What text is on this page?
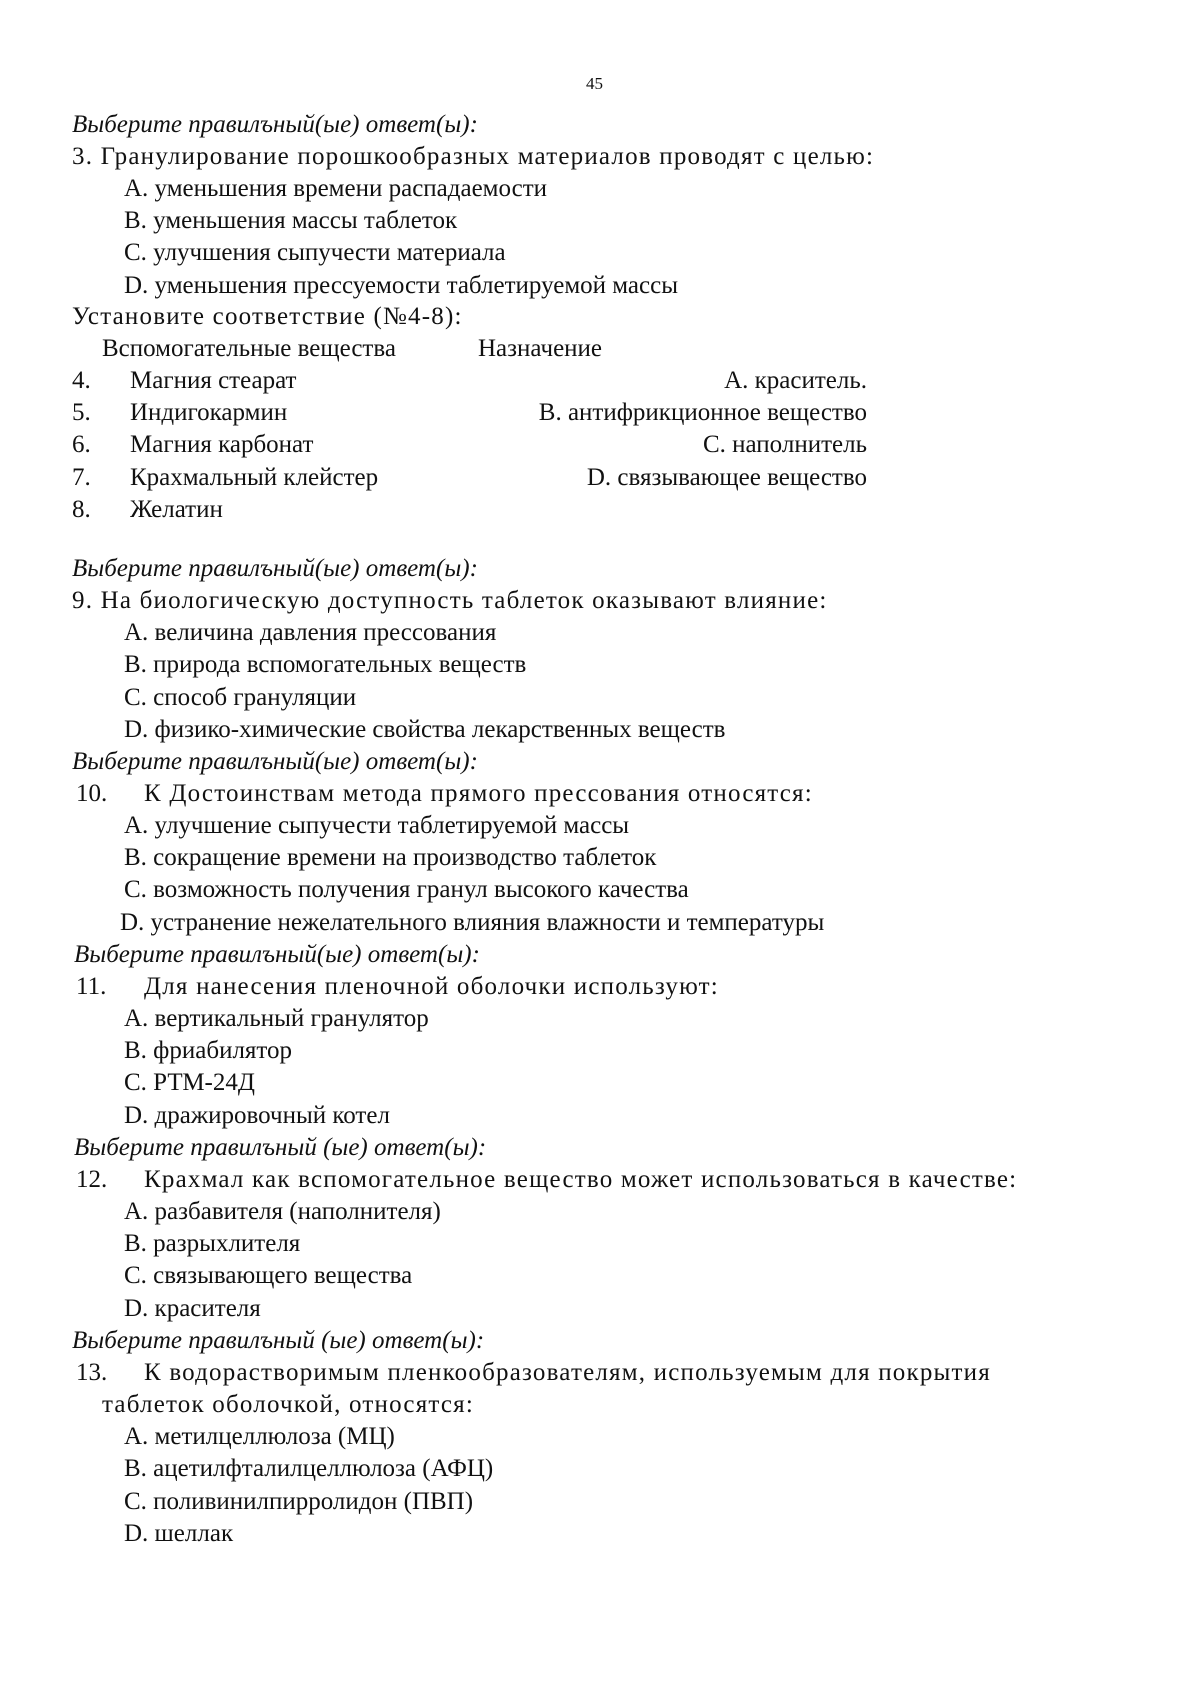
45
Выберите правилъный(ые) ответ(ы):
3. Гранулирование порошкообразных материалов проводят с целью:
A. уменьшения времени распадаемости
B. уменьшения массы таблеток
C. улучшения сыпучести материала
D. уменьшения прессуемости таблетируемой массы
Установите соответствие (№4-8):
Вспомогательные вещества	Назначение
4. Магния стеарат	A. краситель.
5. Индигокармин	B. антифрикционное вещество
6. Магния карбонат	C. наполнитель
7. Крахмальный клейстер	D. связывающее вещество
8. Желатин
Выберите правилъный(ые) ответ(ы):
9. На биологическую доступность таблеток оказывают влияние:
A. величина давления прессования
B. природа вспомогательных веществ
C. способ грануляции
D. физико-химические свойства лекарственных веществ
Выберите правилъный(ые) ответ(ы):
10. К Достоинствам метода прямого прессования относятся:
A. улучшение сыпучести таблетируемой массы
B. сокращение времени на производство таблеток
C. возможность получения гранул высокого качества
D. устранение нежелательного влияния влажности и температуры
Выберите правилъный(ые) ответ(ы):
11. Для нанесения пленочной оболочки используют:
A. вертикальный гранулятор
B. фриабилятор
C. РТМ-24Д
D. дражировочный котел
Выберите правилъный (ые) ответ(ы):
12. Крахмал как вспомогательное вещество может использоваться в качестве:
A. разбавителя (наполнителя)
B. разрыхлителя
C. связывающего вещества
D. красителя
Выберите правилъный (ые) ответ(ы):
13. К водорастворимым пленкообразователям, используемым для покрытия
таблеток оболочкой, относятся:
A. метилцеллюлоза (МЦ)
B. ацетилфталилцеллюлоза (АФЦ)
C. поливинилпирролидон (ПВП)
D. шеллак
